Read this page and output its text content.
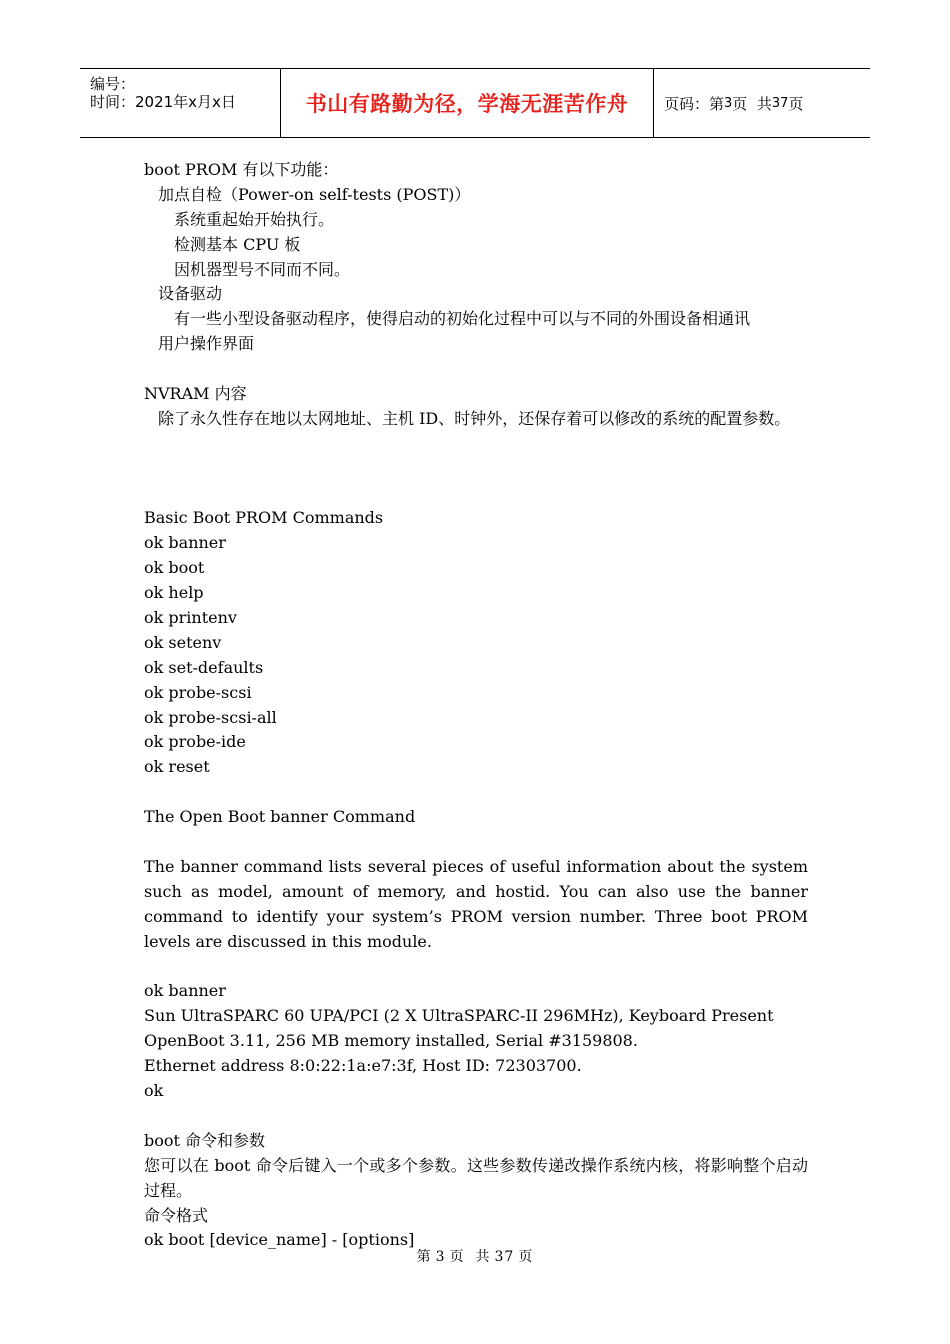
编号：
时间：2021年x月x日	书山有路勤为径，学海无涯苦作舟 页码：第 3 页  共 37 页
boot PROM 有以下功能：
加点自检（Power-on self-tests (POST)）
系统重起始开始执行。
检测基本 CPU 板
因机器型号不同而不同。
设备驱动
有一些小型设备驱动程序，使得启动的初始化过程中可以与不同的外围设备相通讯
用户操作界面
NVRAM 内容
除了永久性存在地以太网地址、主机 ID、时钟外，还保存着可以修改的系统的配置参数。
Basic Boot PROM Commands
ok banner
ok boot
ok help
ok printenv
ok setenv
ok set-defaults
ok probe-scsi
ok probe-scsi-all
ok probe-ide
ok reset
The Open Boot banner Command
The banner command lists several pieces of useful information about the system such as model, amount of memory, and hostid. You can also use the banner command to identify your system’s PROM version number. Three boot PROM levels are discussed in this module.
ok banner
Sun UltraSPARC 60 UPA/PCI (2 X UltraSPARC-II 296MHz), Keyboard Present
OpenBoot 3.11, 256 MB memory installed, Serial #3159808.
Ethernet address 8:0:22:1a:e7:3f, Host ID: 72303700.
ok
boot 命令和参数
您可以在 boot 命令后键入一个或多个参数。这些参数传递改操作系统内核，将影响整个启动过程。
命令格式
ok boot [device_name] - [options]
第 3 页  共 37 页
